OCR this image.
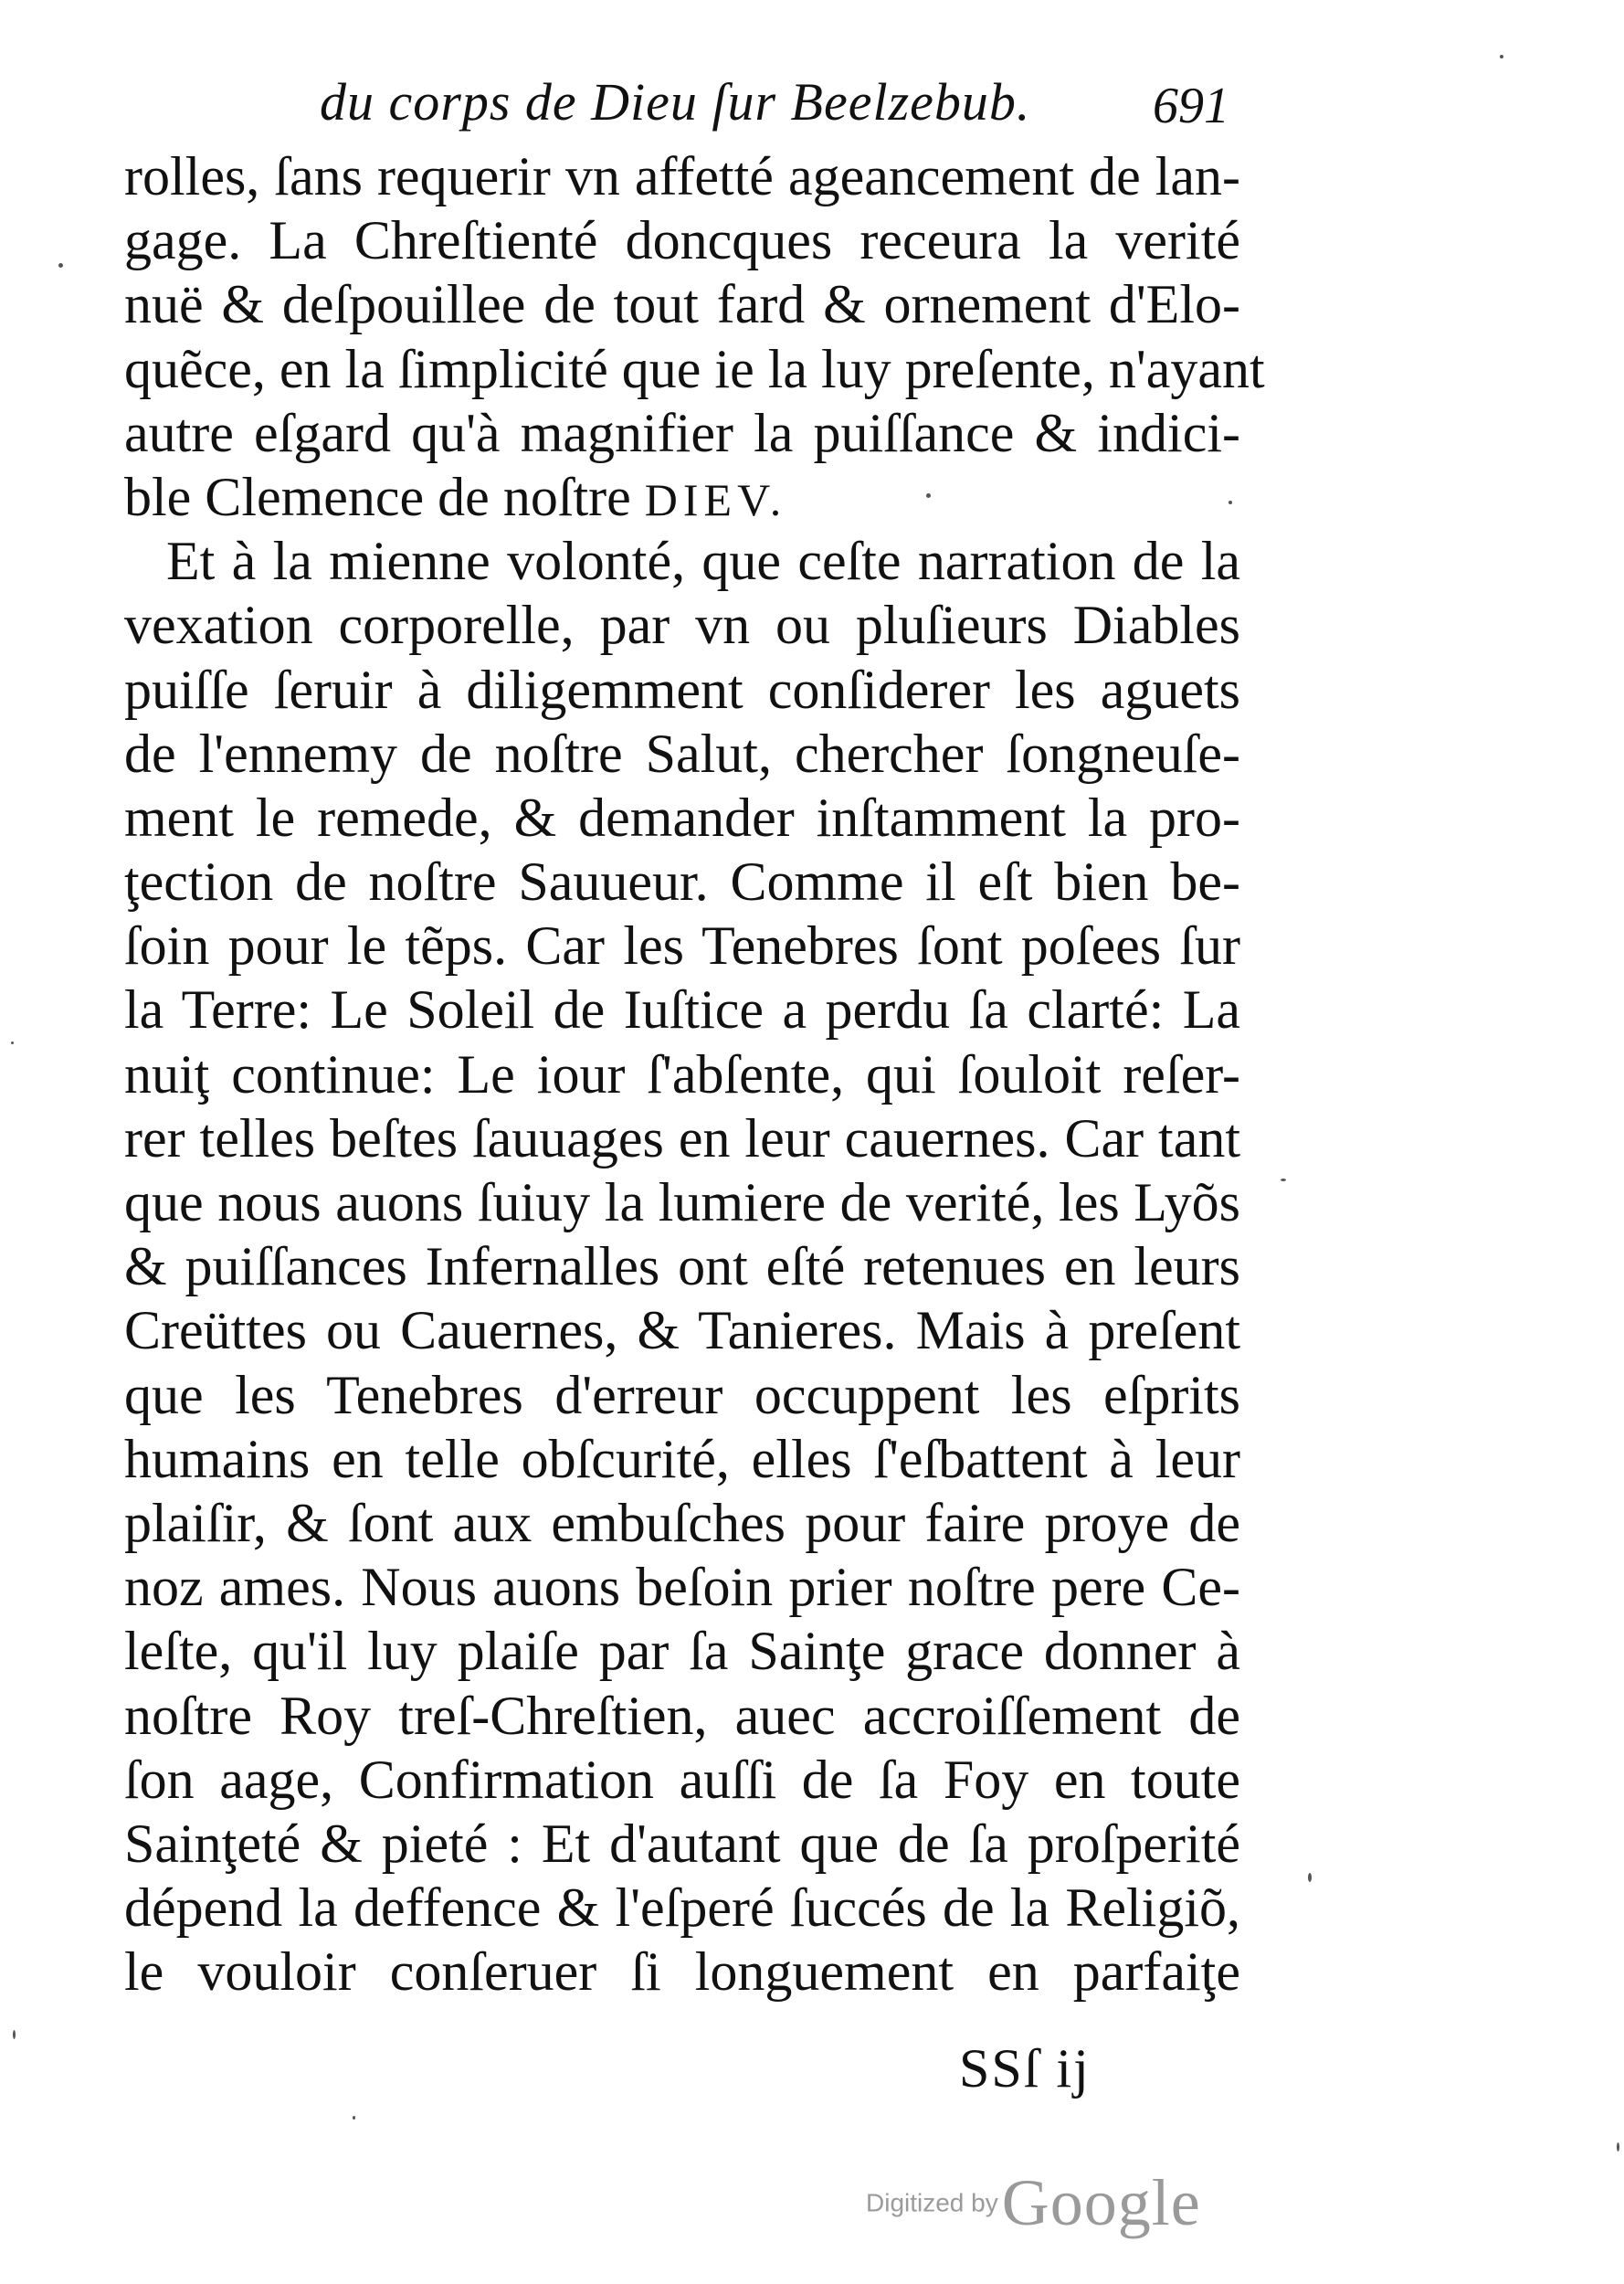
du corps de Dieu ſur Beelzebub. 691
rolles, ſans requerir vn affetté ageancement de lan-
gage. La Chreſtienté doncques receura la verité
nuë & deſpouillee de tout fard & ornement d'Elo-
quẽce, en la ſimplicité que ie la luy preſente, n'ayant
autre eſgard qu'à magnifier la puiſſance & indici-
ble Clemence de noſtre DIEV.
Et à la mienne volonté, que ceſte narration de la
vexation corporelle, par vn ou pluſieurs Diables
puiſſe ſeruir à diligemment conſiderer les aguets
de l'ennemy de noſtre Salut, chercher ſongneuſe-
ment le remede, & demander inſtamment la pro-
ţection de noſtre Sauueur. Comme il eſt bien be-
ſoin pour le tẽps. Car les Tenebres ſont poſees ſur
la Terre: Le Soleil de Iuſtice a perdu ſa clarté: La
nuiţ continue: Le iour ſ'abſente, qui ſouloit reſer-
rer telles beſtes ſauuages en leur cauernes. Car tant
que nous auons ſuiuy la lumiere de verité, les Lyõs
& puiſſances Infernalles ont eſté retenues en leurs
Creüttes ou Cauernes, & Tanieres. Mais à preſent
que les Tenebres d'erreur occuppent les eſprits
humains en telle obſcurité, elles ſ'eſbattent à leur
plaiſir, & ſont aux embuſches pour faire proye de
noz ames. Nous auons beſoin prier noſtre pere Ce-
leſte, qu'il luy plaiſe par ſa Sainţe grace donner à
noſtre Roy treſ-Chreſtien, auec accroiſſement de
ſon aage, Confirmation auſſi de ſa Foy en toute
Sainţeté & pieté : Et d'autant que de ſa proſperité
dépend la deffence & l'eſperé ſuccés de la Religiõ,
le vouloir conſeruer ſi longuement en parfaiţe
SSſ ij
Digitized by Google
